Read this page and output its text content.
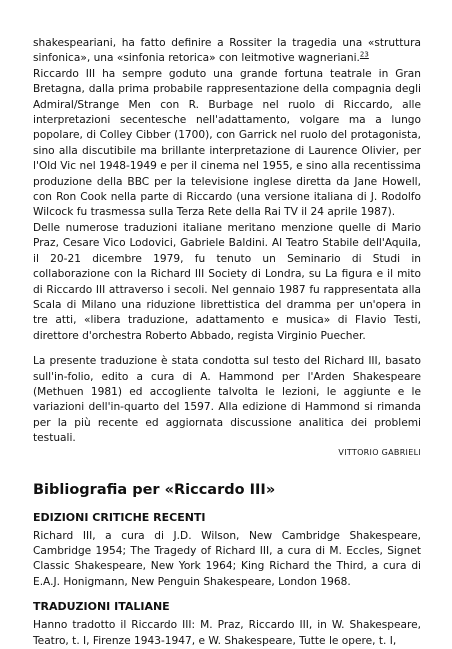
shakespeariani, ha fatto definire a Rossiter la tragedia una «struttura sinfonica», una «sinfonia retorica» con leitmotive wagneriani.$^{23}$

Riccardo III ha sempre goduto una grande fortuna teatrale in Gran Bretagna, dalla prima probabile rappresentazione della compagnia degli Admiral/Strange Men con R. Burbage nel ruolo di Riccardo, alle interpretazioni secentesche nell'adattamento, volgare ma a lungo popolare, di Colley Cibber (1700), con Garrick nel ruolo del protagonista, sino alla discutibile ma brillante interpretazione di Laurence Olivier, per l'Old Vic nel 1948-1949 e per il cinema nel 1955, e sino alla recentissima produzione della BBC per la televisione inglese diretta da Jane Howell, con Ron Cook nella parte di Riccardo (una versione italiana di J. Rodolfo Wilcock fu trasmessa sulla Terza Rete della Rai TV il 24 aprile 1987).

Delle numerose traduzioni italiane meritano menzione quelle di Mario Praz, Cesare Vico Lodovici, Gabriele Baldini. Al Teatro Stabile dell'Aquila, il 20-21 dicembre 1979, fu tenuto un Seminario di Studi in collaborazione con la Richard III Society di Londra, su La figura e il mito di Riccardo III attraverso i secoli. Nel gennaio 1987 fu rappresentata alla Scala di Milano una riduzione librettistica del dramma per un'opera in tre atti, «libera traduzione, adattamento e musica» di Flavio Testi, direttore d'orchestra Roberto Abbado, regista Virginio Puecher.

La presente traduzione è stata condotta sul testo del Richard III, basato sull'in-folio, edito a cura di A. Hammond per l'Arden Shakespeare (Methuen 1981) ed accogliente talvolta le lezioni, le aggiunte e le variazioni dell'in-quarto del 1597. Alla edizione di Hammond si rimanda per la più recente ed aggiornata discussione analitica dei problemi testuali.

VITTORIO GABRIELI
Bibliografia per «Riccardo III»
EDIZIONI CRITICHE RECENTI

Richard III, a cura di J.D. Wilson, New Cambridge Shakespeare, Cambridge 1954; The Tragedy of Richard III, a cura di M. Eccles, Signet Classic Shakespeare, New York 1964; King Richard the Third, a cura di E.A.J. Honigmann, New Penguin Shakespeare, London 1968.

TRADUZIONI ITALIANE

Hanno tradotto il Riccardo III: M. Praz, Riccardo III, in W. Shakespeare, Teatro, t. I, Firenze 1943-1947, e W. Shakespeare, Tutte le opere, t. I,
